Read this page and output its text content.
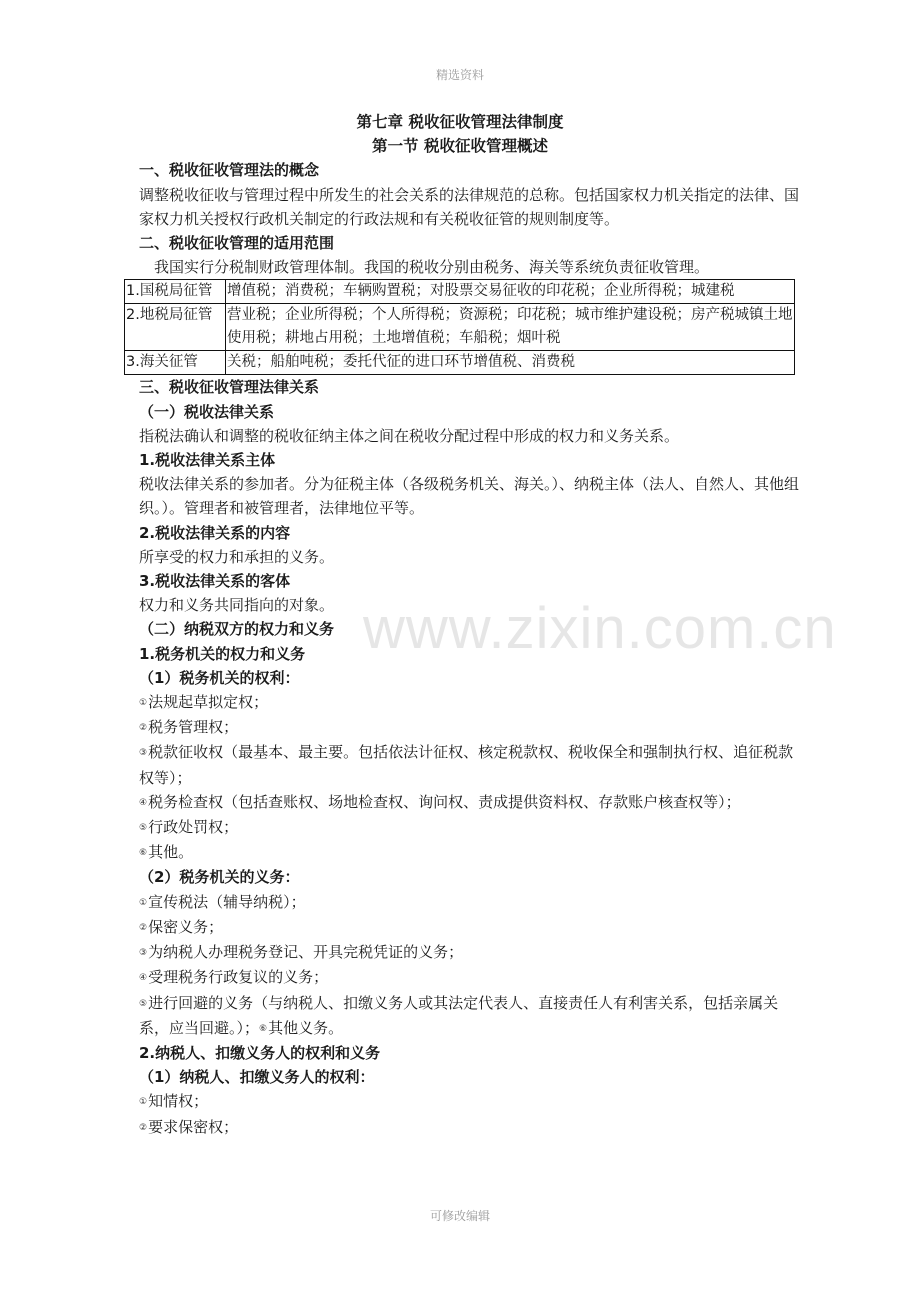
精选资料
www.zixin.com.cn

第七章 税收征收管理法律制度

第一节 税收征收管理概述

一、税收征收管理法的概念

调整税收征收与管理过程中所发生的社会关系的法律规范的总称。包括国家权力机关指定的法律、国家权力机关授权行政机关制定的行政法规和有关税收征管的规则制度等。

二、税收征收管理的适用范围

我国实行分税制财政管理体制。我国的税收分别由税务、海关等系统负责征收管理。

1.国税局征管	增值税；消费税；车辆购置税；对股票交易征收的印花税；企业所得税；城建税
2.地税局征管	营业税；企业所得税；个人所得税；资源税；印花税；城市维护建设税；房产税城镇土地使用税；耕地占用税；土地增值税；车船税；烟叶税
3.海关征管	关税；船舶吨税；委托代征的进口环节增值税、消费税

三、税收征收管理法律关系

（一）税收法律关系

指税法确认和调整的税收征纳主体之间在税收分配过程中形成的权力和义务关系。

1.税收法律关系主体

税收法律关系的参加者。分为征税主体（各级税务机关、海关。）、纳税主体（法人、自然人、其他组织。）。管理者和被管理者，法律地位平等。

2.税收法律关系的内容

所享受的权力和承担的义务。

3.税收法律关系的客体

权力和义务共同指向的对象。

（二）纳税双方的权力和义务

1.税务机关的权力和义务

（1）税务机关的权利：

①法规起草拟定权；

②税务管理权；

③税款征收权（最基本、最主要。包括依法计征权、核定税款权、税收保全和强制执行权、追征税款权等）；

④税务检查权（包括查账权、场地检查权、询问权、责成提供资料权、存款账户核查权等）；

⑤行政处罚权；

⑥其他。

（2）税务机关的义务：

①宣传税法（辅导纳税）；

②保密义务；

③为纳税人办理税务登记、开具完税凭证的义务；

④受理税务行政复议的义务；

⑤进行回避的义务（与纳税人、扣缴义务人或其法定代表人、直接责任人有利害关系，包括亲属关系，应当回避。）；⑥其他义务。

2.纳税人、扣缴义务人的权利和义务

（1）纳税人、扣缴义务人的权利：

①知情权；

②要求保密权；

可修改编辑
